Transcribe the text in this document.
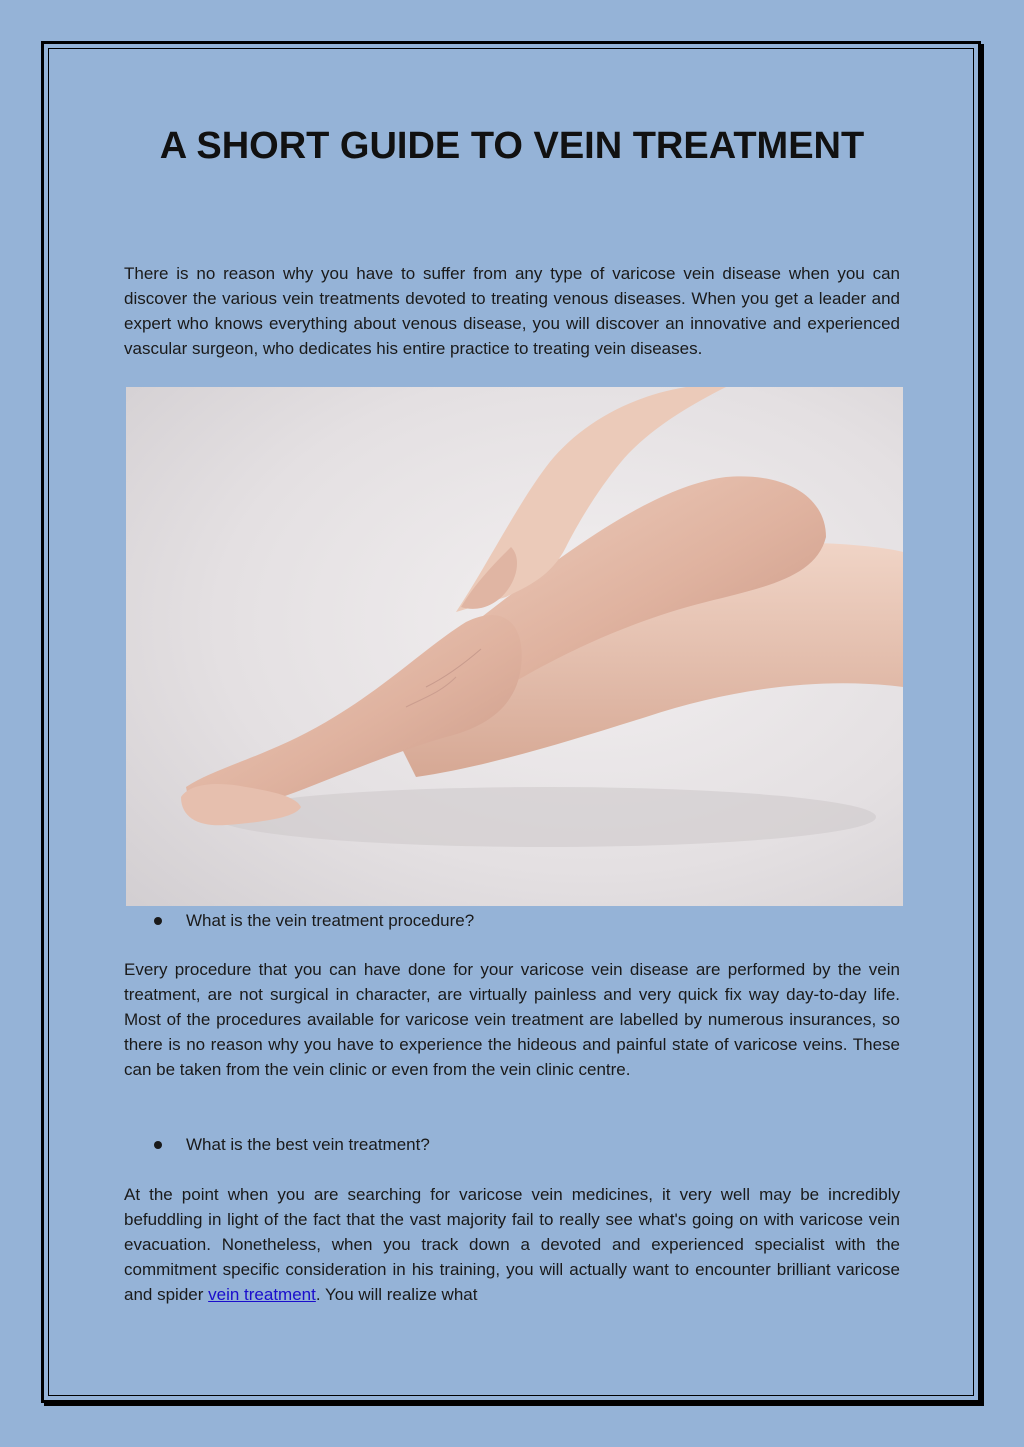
A SHORT GUIDE TO VEIN TREATMENT

There is no reason why you have to suffer from any type of varicose vein disease when you can discover the various vein treatments devoted to treating venous diseases. When you get a leader and expert who knows everything about venous disease, you will discover an innovative and experienced vascular surgeon, who dedicates his entire practice to treating vein diseases.

What is the vein treatment procedure?

Every procedure that you can have done for your varicose vein disease are performed by the vein treatment, are not surgical in character, are virtually painless and very quick fix way day-to-day life. Most of the procedures available for varicose vein treatment are labelled by numerous insurances, so there is no reason why you have to experience the hideous and painful state of varicose veins. These can be taken from the vein clinic or even from the vein clinic centre.

What is the best vein treatment?

At the point when you are searching for varicose vein medicines, it very well may be incredibly befuddling in light of the fact that the vast majority fail to really see what's going on with varicose vein evacuation. Nonetheless, when you track down a devoted and experienced specialist with the commitment specific consideration in his training, you will actually want to encounter brilliant varicose and spider vein treatment. You will realize what
